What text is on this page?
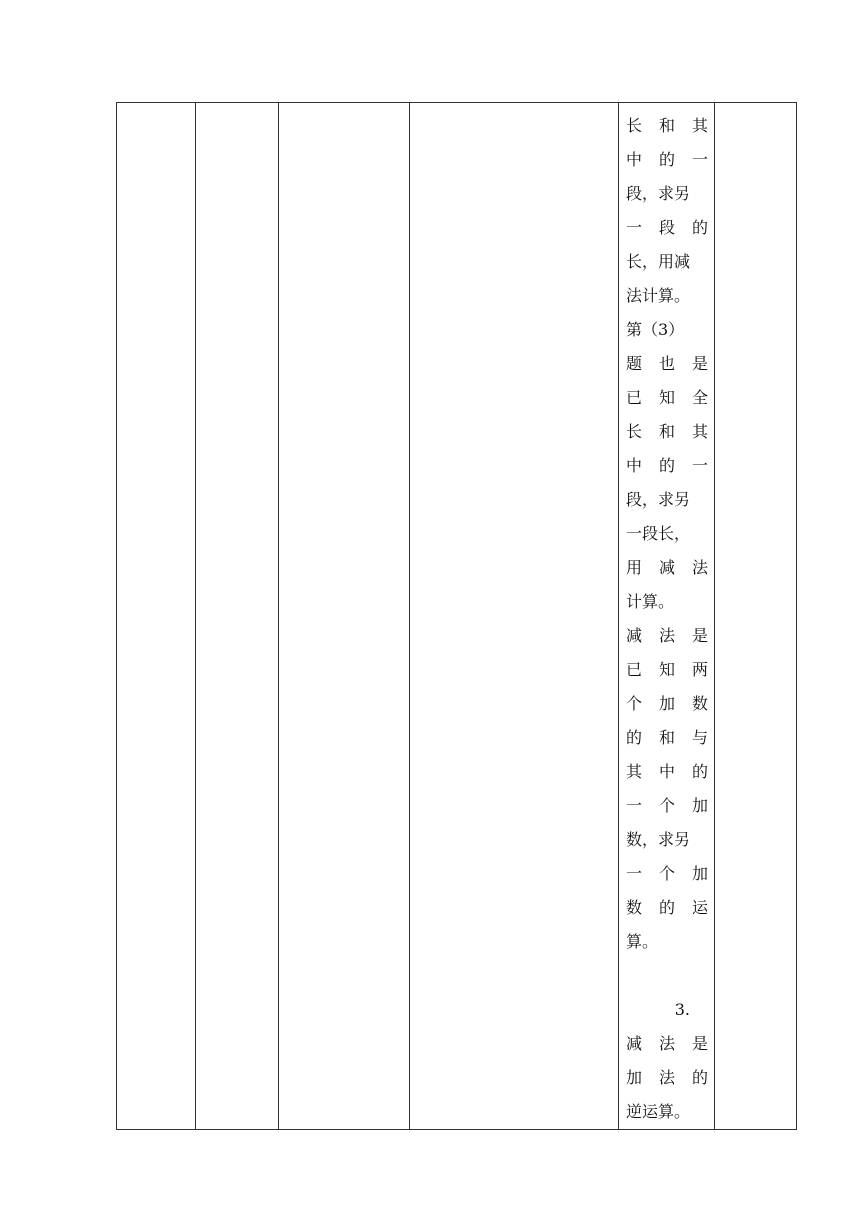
长 和 其
中 的 一
段，求另
一 段 的
长，用减
法计算。
第（3）
题 也 是
已 知 全
长 和 其
中 的 一
段，求另
一段长，
用 减 法
计算。
减 法 是
已 知 两
个 加 数
的 和 与
其 中 的
一 个 加
数，求另
一 个 加
数 的 运
算。
3.
减 法 是
加 法 的
逆运算。
